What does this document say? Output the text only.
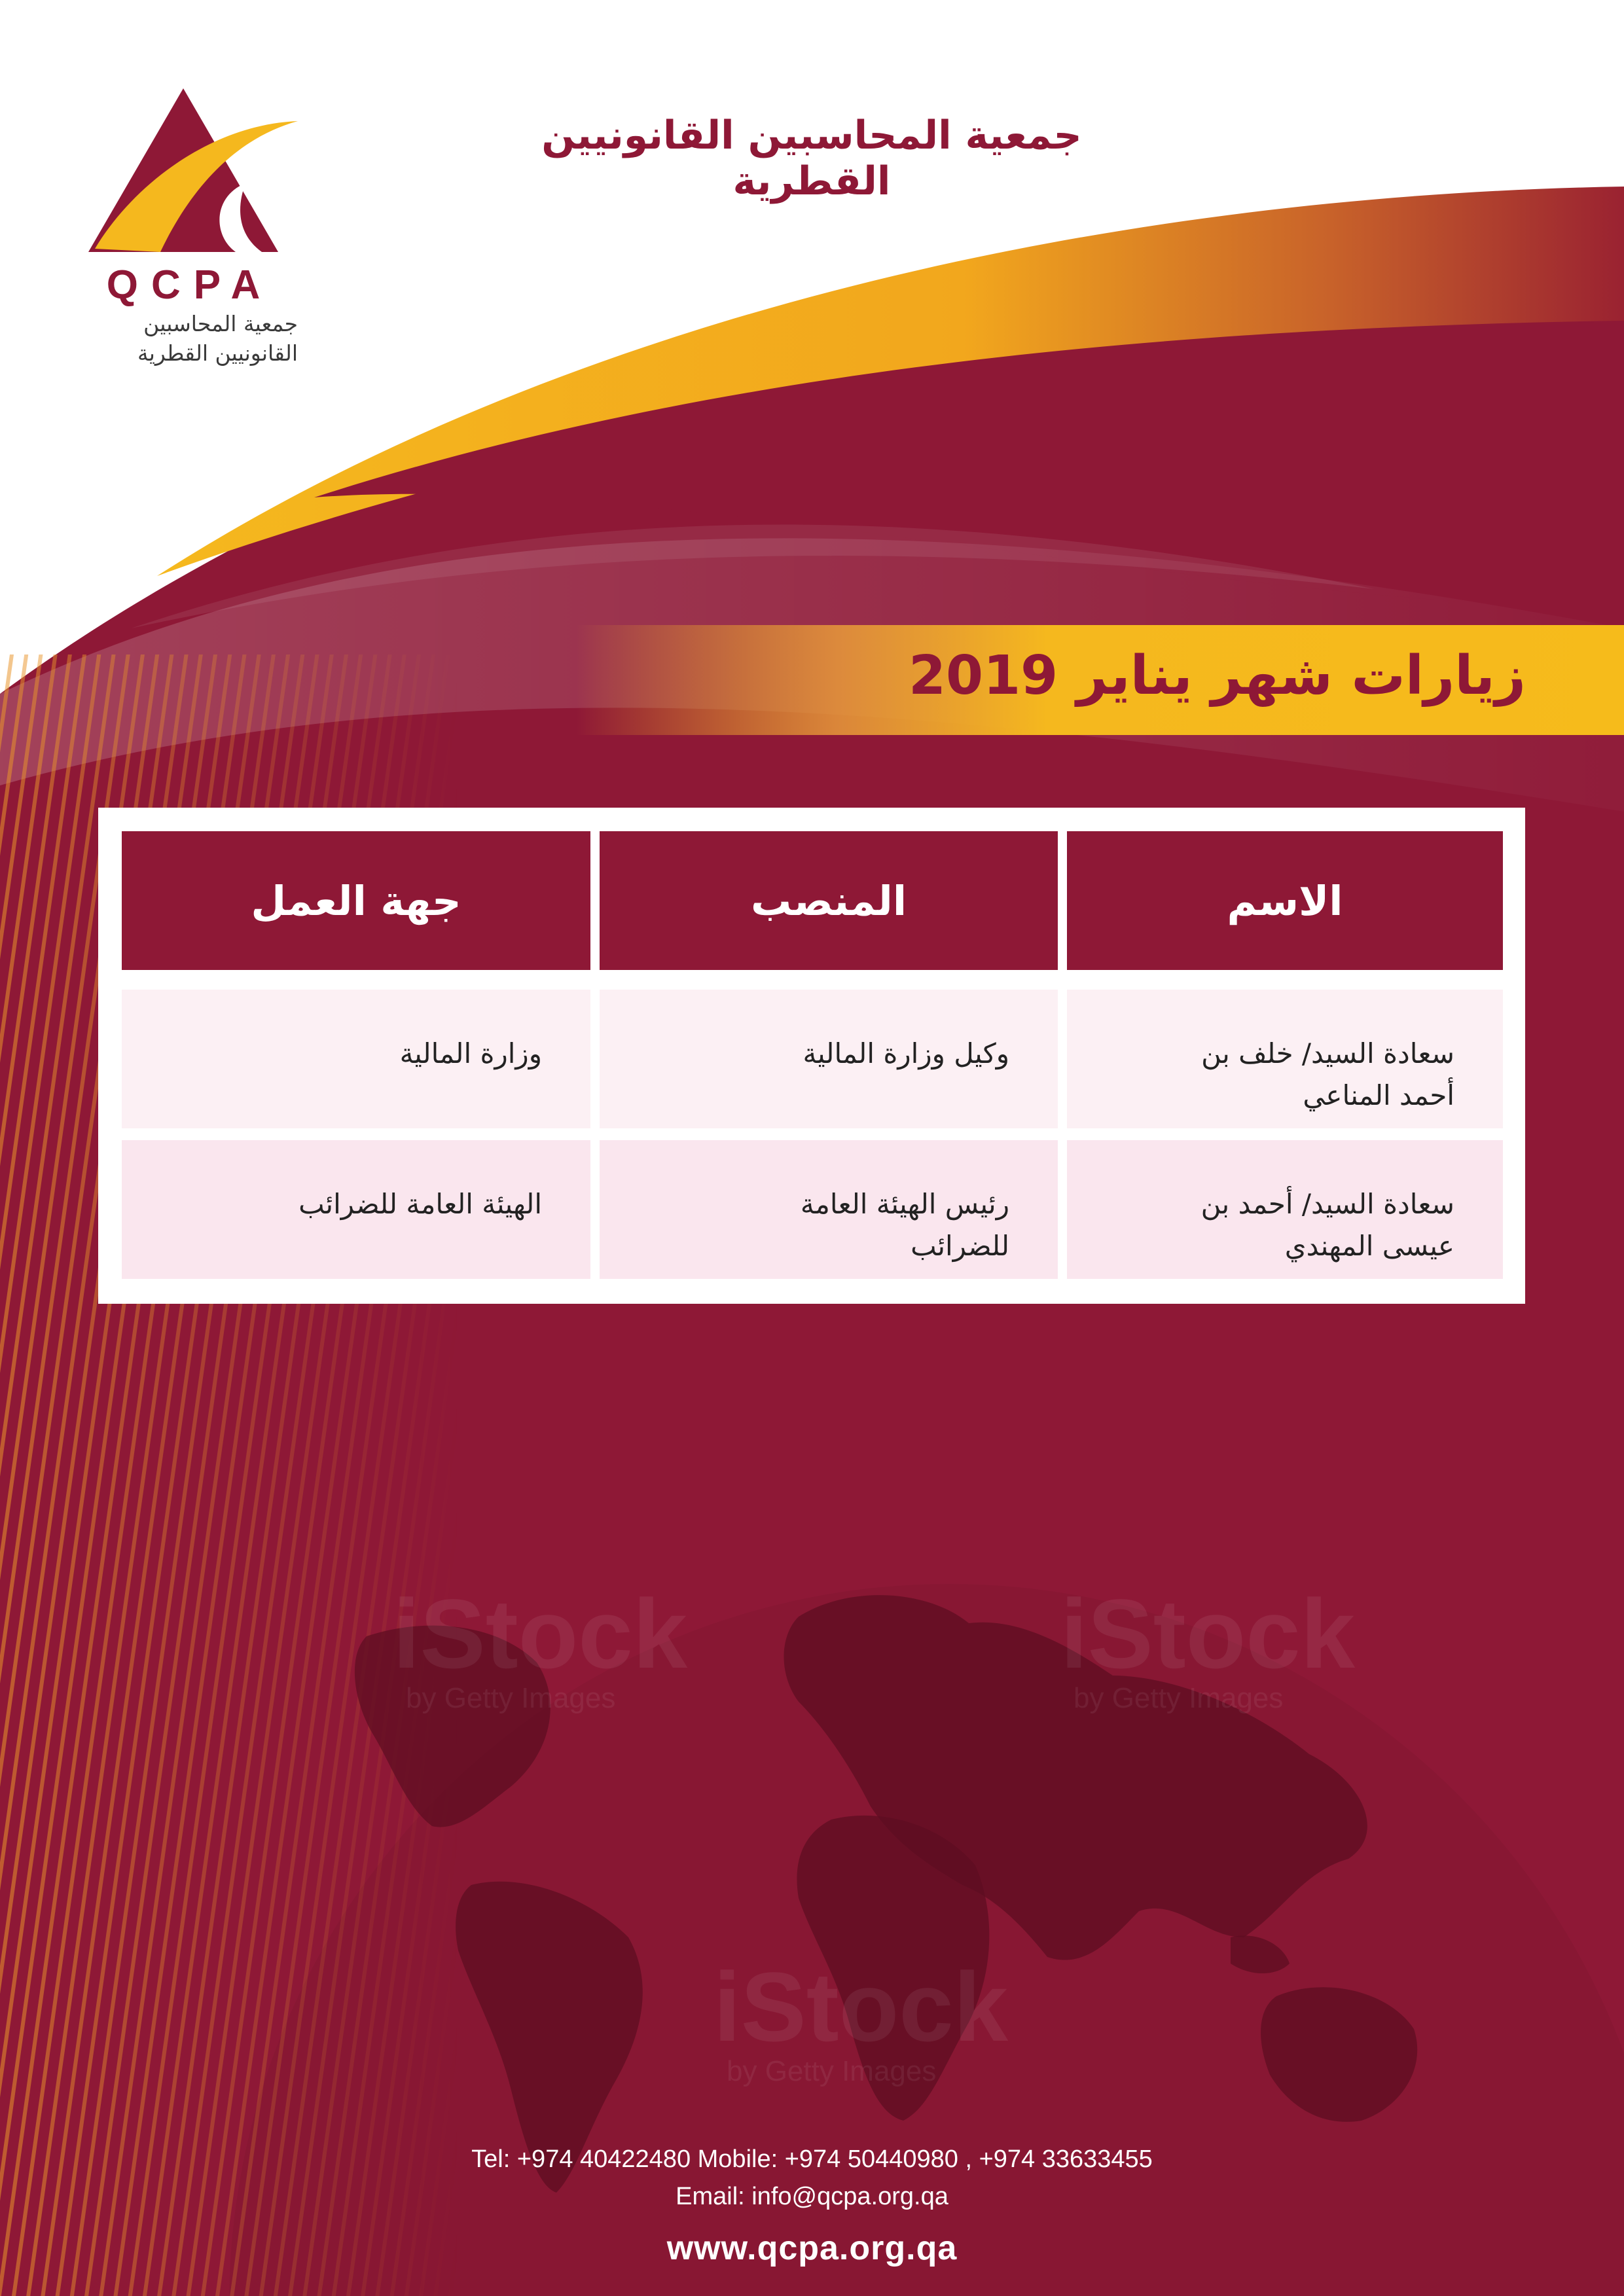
iStock
by Getty Images
iStock
by Getty Images
iStock
by Getty Images
QCPA
جمعية المحاسبين
القانونيين القطرية
جمعية المحاسبين القانونيين القطرية
زيارات شهر يناير 2019
الاسم
المنصب
جهة العمل
سعادة السيد/ خلف بن
أحمد المناعي
وكيل وزارة المالية
وزارة المالية
سعادة السيد/ أحمد بن
عيسى المهندي
رئيس الهيئة العامة
للضرائب
الهيئة العامة للضرائب
Tel: +974 40422480 Mobile: +974 50440980 , +974 33633455
Email: info@qcpa.org.qa
www.qcpa.org.qa
